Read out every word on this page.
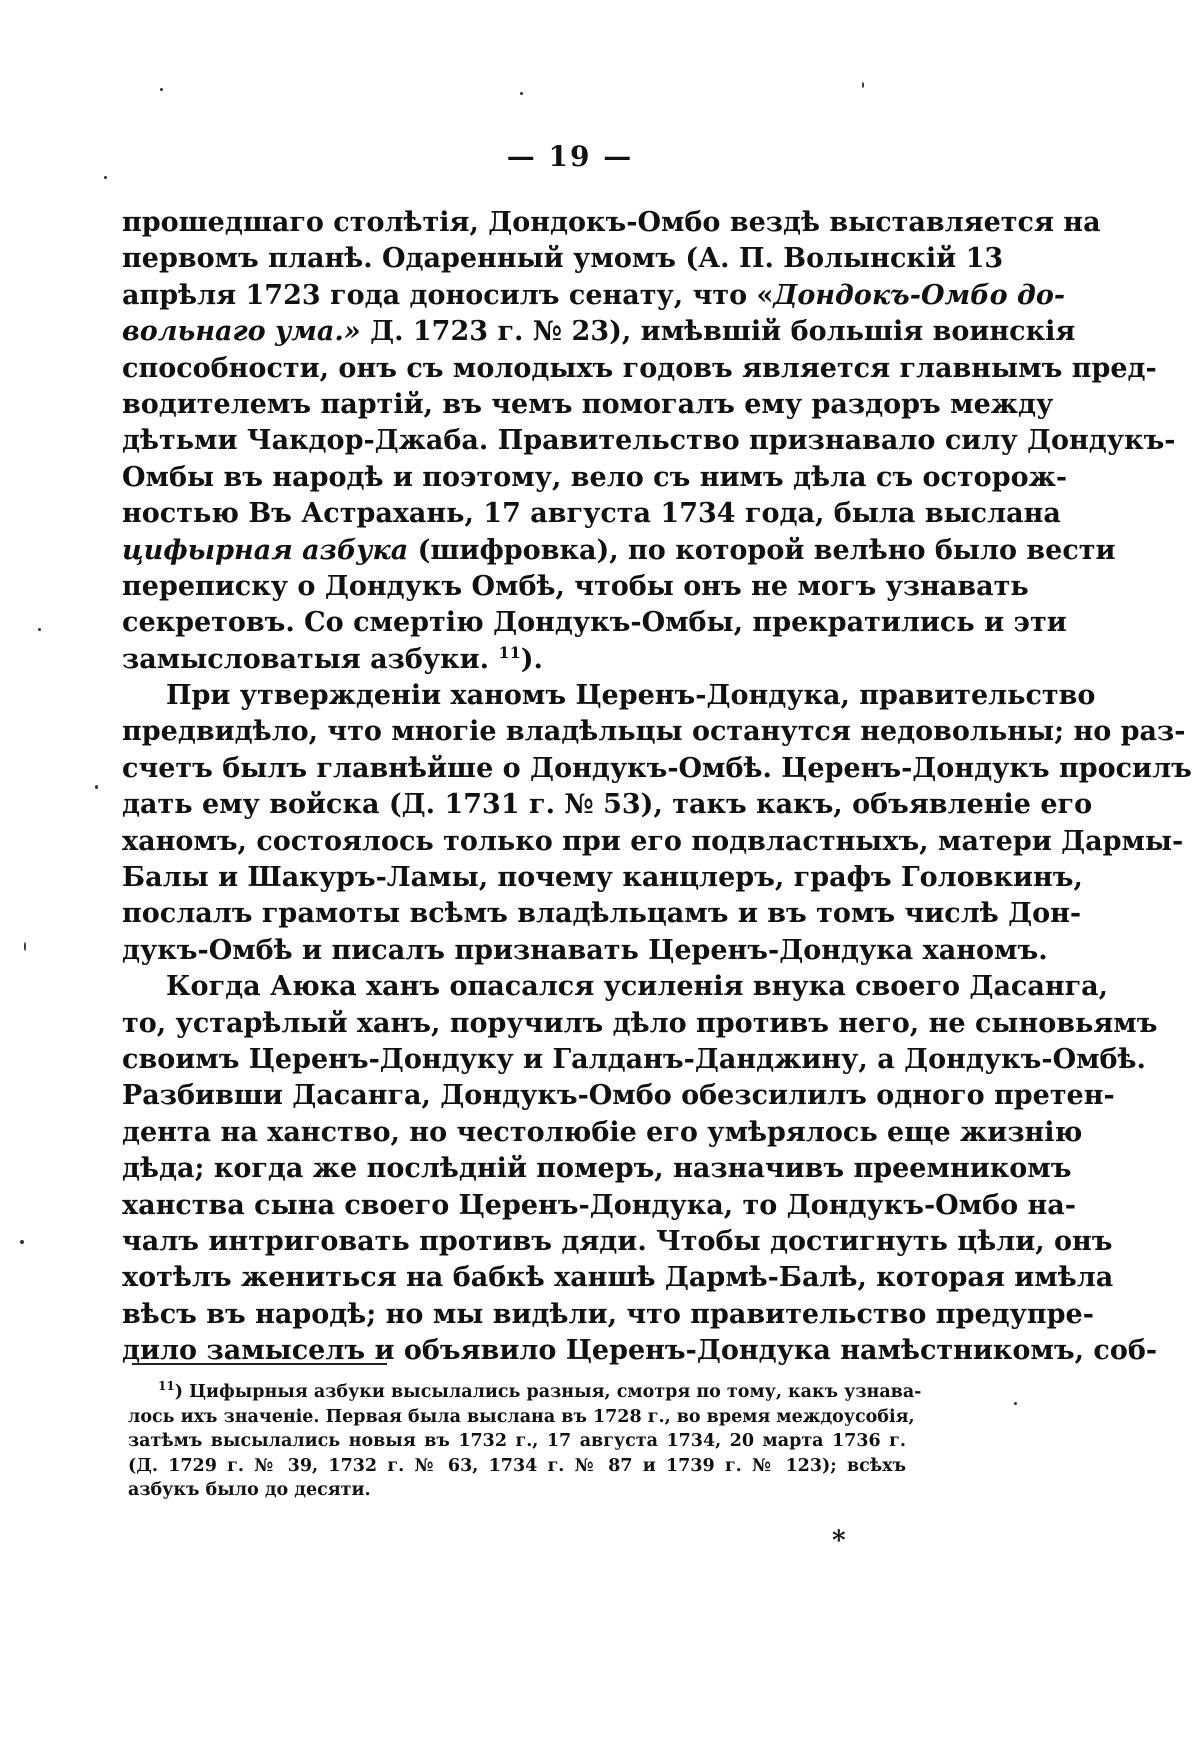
— 19 —
прошедшаго столѣтія, Дондокъ-Омбо вездѣ выставляется на
первомъ планѣ. Одаренный умомъ (А. П. Волынскій 13
апрѣля 1723 года доносилъ сенату, что «Дондокъ-Омбо до-
вольнаго ума.» Д. 1723 г. № 23), имѣвшій большія воинскія
способности, онъ съ молодыхъ годовъ является главнымъ пред-
водителемъ партій, въ чемъ помогалъ ему раздоръ между
дѣтьми Чакдор-Джаба. Правительство признавало силу Дондукъ-
Омбы въ народѣ и поэтому, вело съ нимъ дѣла съ осторож-
ностью Въ Астрахань, 17 августа 1734 года, была выслана
цифырная азбука (шифровка), по которой велѣно было вести
переписку о Дондукъ Омбѣ, чтобы онъ не могъ узнавать
секретовъ. Со смертію Дондукъ-Омбы, прекратились и эти
замысловатыя азбуки. $^{11}$).
При утвержденіи ханомъ Церенъ-Дондука, правительство
предвидѣло, что многіе владѣльцы останутся недовольны; но раз-
счетъ былъ главнѣйше о Дондукъ-Омбѣ. Церенъ-Дондукъ просилъ
дать ему войска (Д. 1731 г. № 53), такъ какъ, объявленіе его
ханомъ, состоялось только при его подвластныхъ, матери Дармы-
Балы и Шакуръ-Ламы, почему канцлеръ, графъ Головкинъ,
послалъ грамоты всѣмъ владѣльцамъ и въ томъ числѣ Дон-
дукъ-Омбѣ и писалъ признавать Церенъ-Дондука ханомъ.
Когда Аюка ханъ опасался усиленія внука своего Дасанга,
то, устарѣлый ханъ, поручилъ дѣло противъ него, не сыновьямъ
своимъ Церенъ-Дондуку и Галданъ-Данджину, а Дондукъ-Омбѣ.
Разбивши Дасанга, Дондукъ-Омбо обезсилилъ одного претен-
дента на ханство, но честолюбіе его умѣрялось еще жизнію
дѣда; когда же послѣдній померъ, назначивъ преемникомъ
ханства сына своего Церенъ-Дондука, то Дондукъ-Омбо на-
чалъ интриговать противъ дяди. Чтобы достигнуть цѣли, онъ
хотѣлъ жениться на бабкѣ ханшѣ Дармѣ-Балѣ, которая имѣла
вѣсъ въ народѣ; но мы видѣли, что правительство предупре-
дило замыселъ и объявило Церенъ-Дондука намѣстникомъ, соб-
$^{11}$) Цифырныя азбуки высылались разныя, смотря по тому, какъ узнава-
лось ихъ значеніе. Первая была выслана въ 1728 г., во время междоусобія,
затѣмъ высылались новыя въ 1732 г., 17 августа 1734, 20 марта 1736 г.
(Д. 1729 г. № 39, 1732 г. № 63, 1734 г. № 87 и 1739 г. № 123); всѣхъ
азбукъ было до десяти.
*
